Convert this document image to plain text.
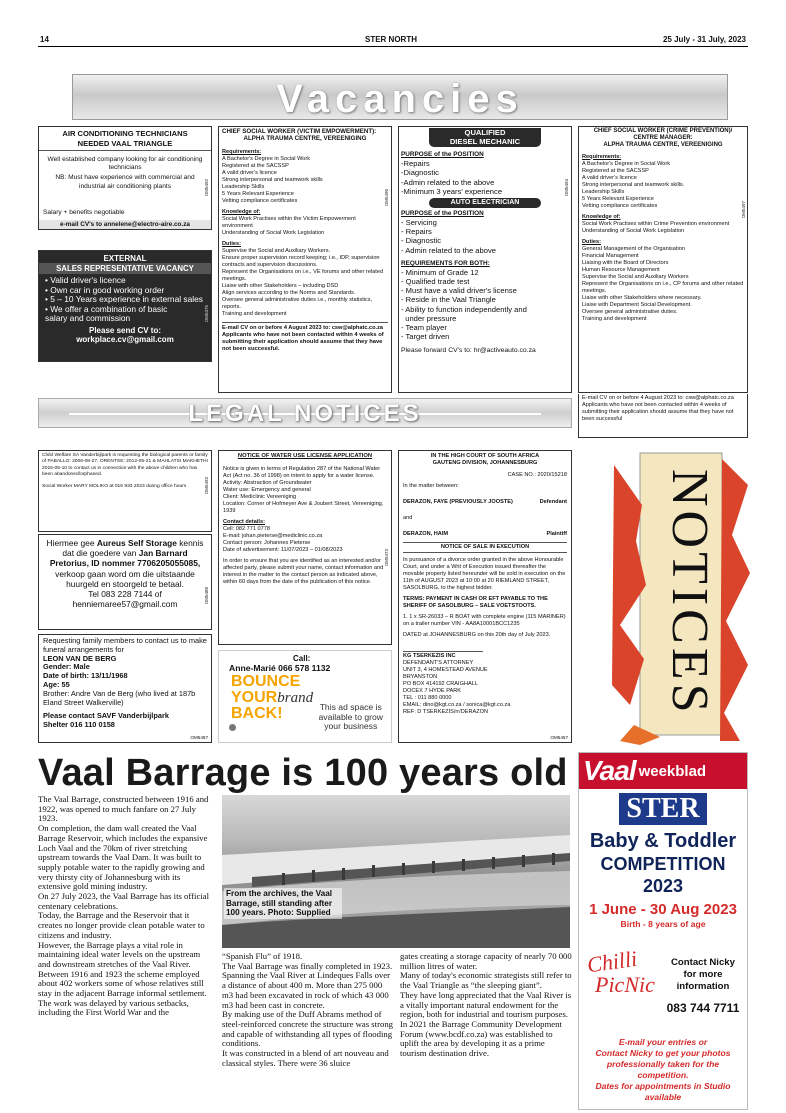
14	STER NORTH	25 July - 31 July, 2023
Vacancies
AIR CONDITIONING TECHNICIANS
NEEDED VAAL TRIANGLE
Well established company looking for air conditioning technicians
NB: Must have experience with commercial and industrial air conditioning plants
Salary + benefits negotiable
e-mail CV's to annelene@electro-aire.co.za
OM5492
EXTERNAL
SALES REPRESENTATIVE VACANCY
• Valid driver's licence
• Own car in good working order
• 5 – 10 Years experience in external sales
• We offer a combination of basic
salary and commission
Please send CV to:
workplace.cv@gmail.com
OM5375
CHIEF SOCIAL WORKER (VICTIM EMPOWERMENT):
ALPHA TRAUMA CENTRE, VEREENIGING
Requirements:
A Bachelor's Degree in Social Work
Registered at the SACSSP
A valid driver's licence
Strong interpersonal and teamwork skills
Leadership Skills
5 Years Relevant Experience
Vetting compliance certificates
Knowledge of:
Social Work Practises within the Victim Empowerment environment
Understanding of Social Work Legislation
Duties:
Supervise the Social and Auxiliary Workers.
Ensure proper supervision record keeping; i.e., IDP, supervision contracts and supervision discussions.
Represent the Organisations on i.e., VE forums and other related meetings.
Liaise with other Stakeholders – including DSD
Align services according to the Norms and Standards.
Oversee general administrative duties i.e., monthly statistics, reports.
Training and development
E-mail CV on or before 4 August 2023 to: csw@alphatc.co.za
Applicants who have not been contacted within 4 weeks of submitting their application should assume that they have not been successful.
OM5490
QUALIFIED
DIESEL MECHANIC
PURPOSE of the POSITION
-Repairs
-Diagnostic
-Admin related to the above
-Minimum 3 years' experience
AUTO ELECTRICIAN
PURPOSE of the POSITION
- Servicing
- Repairs
- Diagnostic
- Admin related to the above
REQUIREMENTS FOR BOTH:
- Minimum of Grade 12
- Qualified trade test
- Must have a valid driver's license
- Reside in the Vaal Triangle
- Ability to function independently and
under pressure
- Team player
- Target driven
Please forward CV's to: hr@activeauto.co.za
OM5494
CHIEF SOCIAL WORKER (CRIME PREVENTION)/
CENTRE MANAGER:
ALPHA TRAUMA CENTRE, VEREENIGING
Requirements:
A Bachelor's Degree in Social Work
Registered at the SACSSP
A valid driver's licence
Strong interpersonal and teamwork skills.
Leadership Skills
5 Years Relevant Experience
Vetting compliance certificates
Knowledge of:
Social Work Practises within Crime Prevention environment
Understanding of Social Work Legislation
Duties:
General Management of the Organisation
Financial Management
Liaising with the Board of Directors
Human Resource Management
Supervise the Social and Auxiliary Workers
Represent the Organisations on i.e., CP forums and other related meetings.
Liaise with other Stakeholders where necessary.
Liaise with Department Social Development.
Oversee general administrative duties.
Training and development
OM5497
E-mail CV on or before 4 August 2023 to: csw@alphatc.co.za
Applicants who have not been contacted within 4 weeks of submitting their application should assume that they have not been successful
LEGAL NOTICES
Child Welfare SA Vanderbijlpark is requesting the biological parents or family of PABALLO: 2006-08-27, ORENTSE: 2012-05-21 & MAHLATSI MAKHETHI 2015-05-10 to contact us in connection with the above children who has been abandoned/orphaned.
Social Worker MARY MOLIKO at 016 933 2023 during office hours	OM5493
Hiermee gee Aureus Self Storage kennis dat die goedere van Jan Barnard Pretorius, ID nommer 7706205055085, verkoop gaan word om die uitstaande huurgeld en stoorgeld te betaal.
Tel 083 228 7144 of
henniemaree57@gmail.com	OM5488
Requesting family members to contact us to make funeral arrangements for
LEON VAN DE BERG
Gender: Male
Date of birth: 13/11/1968
Age: 55
Brother: Andre Van de Berg (who lived at 187b Eland Street Walkerville)
Please contact SAVF Vanderbijlpark
Shelter 016 110 0158
OM5487
NOTICE OF WATER USE LICENSE APPLICATION
Notice is given in terms of Regulation 287 of the National Water Act (Act no. 36 of 1998) on intent to apply for a water license.
Activity: Abstraction of Groundwater
Water use: Emergency and general
Client: Mediclinic Vereeniging
Location: Corner of Hofmeyer Ave & Joubert Street, Vereeniging, 1939
Contact details:
Cell: 082 771 0778
E-mail: johan.pieterse@mediclinic.co.za
Contact person: Johannes Pieterse
Date of advertisement: 11/07/2023 – 01/08/2023
In order to ensure that you are identified as an interested and/or affected party, please submit your name, contact information and interest in the matter to the contact person as indicated above, within 60 days from the date of the publication of this notice.
OM5473
Call:
Anne-Marié 066 578 1132
BOUNCE
YOURbrand
BACK!	This ad space is
available to grow
your business
IN THE HIGH COURT OF SOUTH AFRICA
GAUTENG DIVISION, JOHANNESBURG
CASE NO.: 2020/15218
In the matter between:
DERAZON, FAYE (PREVIOUSLY JOOSTE)	Defendant
and
DERAZON, HAIM	Plaintiff
NOTICE OF SALE IN EXECUTION
In pursuance of a divorce order granted in the above Honourable Court, and under a Writ of Execution issued thereafter the movable property listed hereunder will be sold in execution on the 11th of AUGUST 2023 at 10:00 at 20 RIEMLAND STREET, SASOLBURG, to the highest bidder.
TERMS: PAYMENT IN CASH OR EFT PAYABLE TO THE SHERIFF OF SASOLBURG – SALE VOETSTOOTS.
1. 1 x SR-26033 – R BOAT with complete engine (115 MARINER) on a trailer number VIN - AA8A10001BCC1235
DATED at JOHANNESBURG on this 20th day of July 2023.
KG TSERKEZIS INC
DEFENDANT'S ATTORNEY
UNIT 3, 4 HOMESTEAD AVENUE
BRYANSTON
PO BOX 414192 CRAIGHALL
DOCEX 7 HYDE PARK
TEL : 011 880 0000
EMAIL: dino@kgt.co.za / sonica@kgt.co.za
REF: D TSERKEZIS/rr/DERAZON
OM5457
NOTICES
Vaal Barrage is 100 years old

The Vaal Barrage, constructed between 1916 and 1922, was opened to much fanfare on 27 July 1923.

On completion, the dam wall created the Vaal Barrage Reservoir, which includes the expansive Loch Vaal and the 70km of river stretching upstream towards the Vaal Dam. It was built to supply potable water to the rapidly growing and very thirsty city of Johannesburg with its extensive gold mining industry.

On 27 July 2023, the Vaal Barrage has its official centenary celebrations.

Today, the Barrage and the Reservoir that it creates no longer provide clean potable water to citizens and industry.

However, the Barrage plays a vital role in maintaining ideal water levels on the upstream and downstream stretches of the Vaal River.

Between 1916 and 1923 the scheme employed about 402 workers some of whose relatives still stay in the adjacent Barrage informal settlement.

The work was delayed by various setbacks, including the First World War and the

From the archives, the Vaal Barrage, still standing after 100 years. Photo: Supplied

“Spanish Flu” of 1918.

The Vaal Barrage was finally completed in 1923. Spanning the Vaal River at Lindeques Falls over a distance of about 400 m. More than 275 000 m3 had been excavated in rock of which 43 000 m3 had been cast in concrete.

By making use of the Duff Abrams method of steel-reinforced concrete the structure was strong and capable of withstanding all types of flooding conditions.

It was constructed in a blend of art nouveau and classical styles. There were 36 sluice

gates creating a storage capacity of nearly 70 000 million litres of water.

Many of today's economic strategists still refer to the Vaal Triangle as “the sleeping giant”.

They have long appreciated that the Vaal River is a vitally important natural endowment for the region, both for industrial and tourism purposes.

In 2021 the Barrage Community Development Forum (www.bcdf.co.za) was established to uplift the area by developing it as a prime tourism destination drive.

Vaal weekblad
STER
Baby & Toddler
COMPETITION 2023
1 June - 30 Aug 2023
Birth - 8 years of age
Chilli
PicNic
Contact Nicky
for more
information
083 744 7711
E-mail your entries or
Contact Nicky to get your photos
professionally taken for the competition.
Dates for appointments in Studio available
